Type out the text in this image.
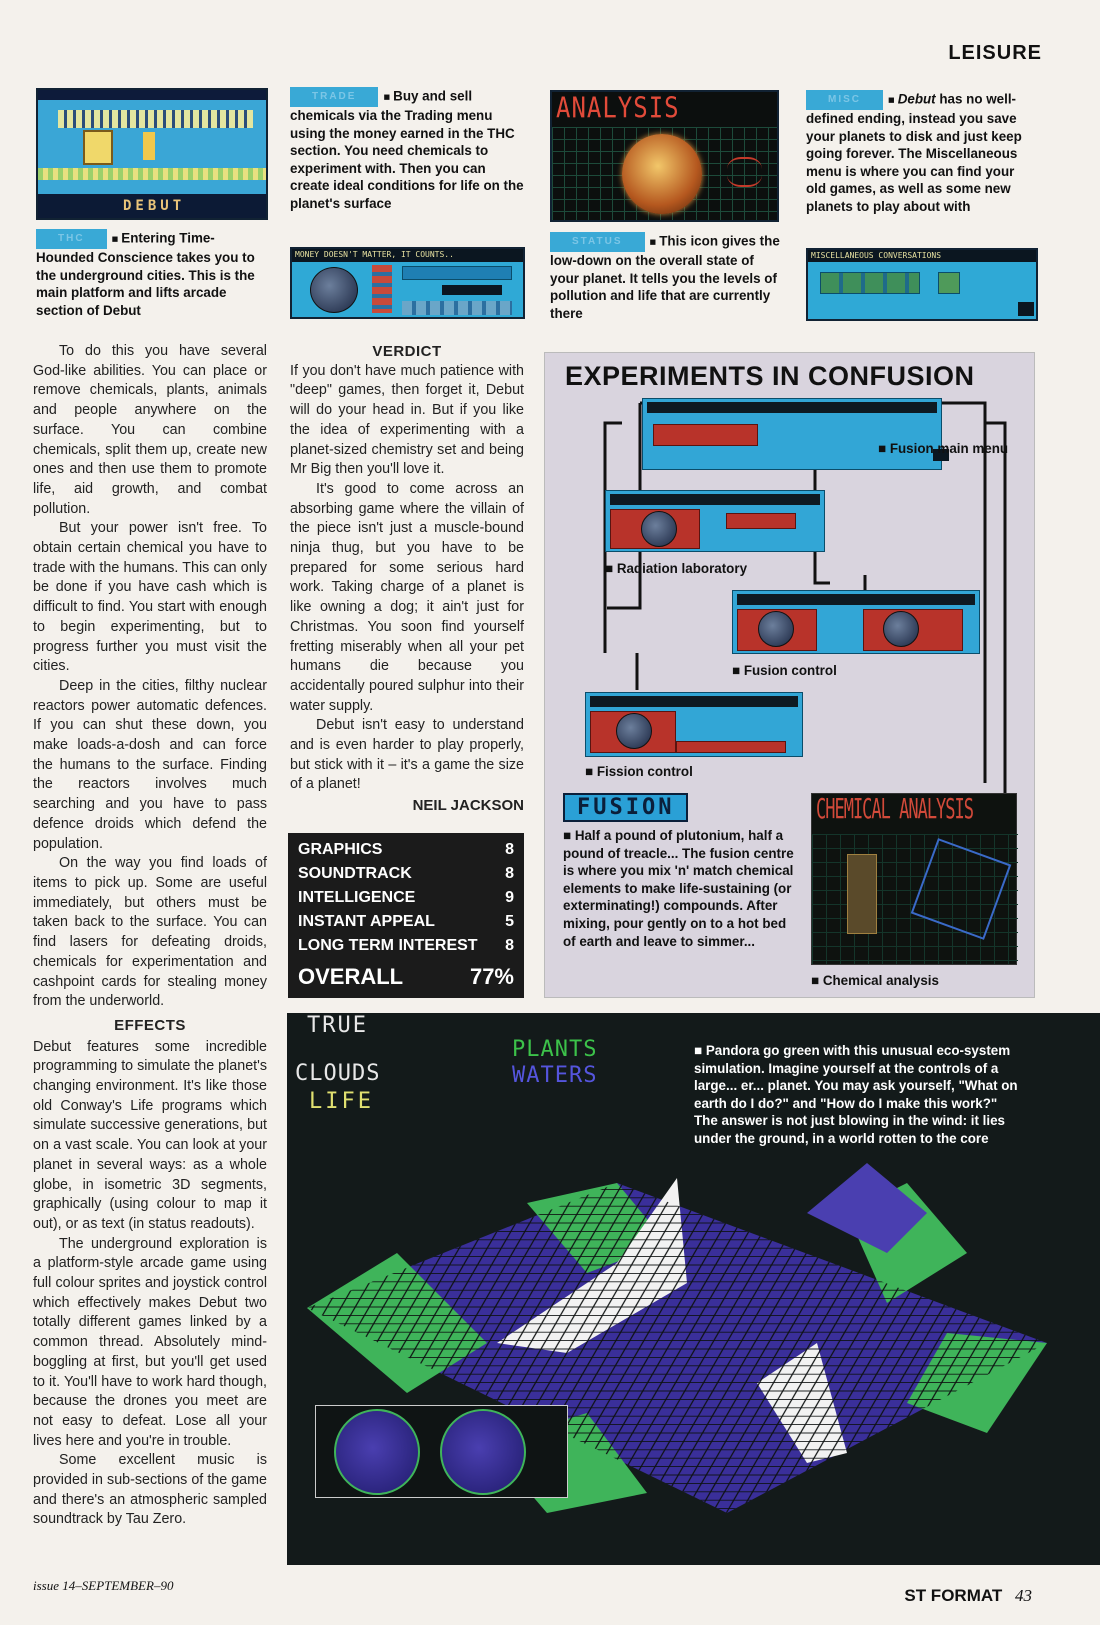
LEISURE
DEBUT
THC ■ Entering Time-Hounded Conscience takes you to the underground cities. This is the main platform and lifts arcade section of Debut
TRADE ■ Buy and sell chemicals via the Trading menu using the money earned in the THC section. You need chemicals to experiment with. Then you can create ideal conditions for life on the planet's surface
MONEY DOESN'T MATTER, IT COUNTS..
ANALYSIS
STATUS ■ This icon gives the low-down on the overall state of your planet. It tells you the levels of pollution and life that are currently there
MISC ■ Debut has no well-defined ending, instead you save your planets to disk and just keep going forever. The Miscellaneous menu is where you can find your old games, as well as some new planets to play about with
MISCELLANEOUS CONVERSATIONS

To do this you have several God-like abilities. You can place or remove chemicals, plants, animals and people anywhere on the surface. You can combine chemicals, split them up, create new ones and then use them to promote life, aid growth, and combat pollution.

But your power isn't free. To obtain certain chemical you have to trade with the humans. This can only be done if you have cash which is difficult to find. You start with enough to begin experimenting, but to progress further you must visit the cities.

Deep in the cities, filthy nuclear reactors power automatic defences. If you can shut these down, you make loads-a-dosh and can force the humans to the surface. Finding the reactors involves much searching and you have to pass defence droids which defend the population.

On the way you find loads of items to pick up. Some are useful immediately, but others must be taken back to the surface. You can find lasers for defeating droids, chemicals for experimentation and cashpoint cards for stealing money from the underworld.

EFFECTS

Debut features some incredible programming to simulate the planet's changing environment. It's like those old Conway's Life programs which simulate successive generations, but on a vast scale. You can look at your planet in several ways: as a whole globe, in isometric 3D segments, graphically (using colour to map it out), or as text (in status readouts).

The underground exploration is a platform-style arcade game using full colour sprites and joystick control which effectively makes Debut two totally different games linked by a common thread. Absolutely mind-boggling at first, but you'll get used to it. You'll have to work hard though, because the drones you meet are not easy to defeat. Lose all your lives here and you're in trouble.

Some excellent music is provided in sub-sections of the game and there's an atmospheric sampled soundtrack by Tau Zero.

VERDICT

If you don't have much patience with "deep" games, then forget it, Debut will do your head in. But if you like the idea of experimenting with a planet-sized chemistry set and being Mr Big then you'll love it.

It's good to come across an absorbing game where the villain of the piece isn't just a muscle-bound ninja thug, but you have to be prepared for some serious hard work. Taking charge of a planet is like owning a dog; it ain't just for Christmas. You soon find yourself fretting miserably when all your pet humans die because you accidentally poured sulphur into their water supply.

Debut isn't easy to understand and is even harder to play properly, but stick with it – it's a game the size of a planet!

NEIL JACKSON
GRAPHICS	8
SOUNDTRACK	8
INTELLIGENCE	9
INSTANT APPEAL	5
LONG TERM INTEREST 8
OVERALL	77%
EXPERIMENTS IN CONFUSION
■ Fusion main menu
■ Radiation laboratory
■ Fusion control
■ Fission control
FUSION
■ Half a pound of plutonium, half a pound of treacle... The fusion centre is where you mix 'n' match chemical elements to make life-sustaining (or exterminating!) compounds. After mixing, pour gently on to a hot bed of earth and leave to simmer...
CHEMICAL ANALYSIS
■ Chemical analysis
TRUE
CLOUDS
LIFE
PLANTS
WATERS
■ Pandora go green with this unusual eco-system simulation. Imagine yourself at the controls of a large... er... planet. You may ask yourself, "What on earth do I do?" and "How do I make this work?" The answer is not just blowing in the wind: it lies under the ground, in a world rotten to the core
issue 14–SEPTEMBER–90
ST FORMAT 43
